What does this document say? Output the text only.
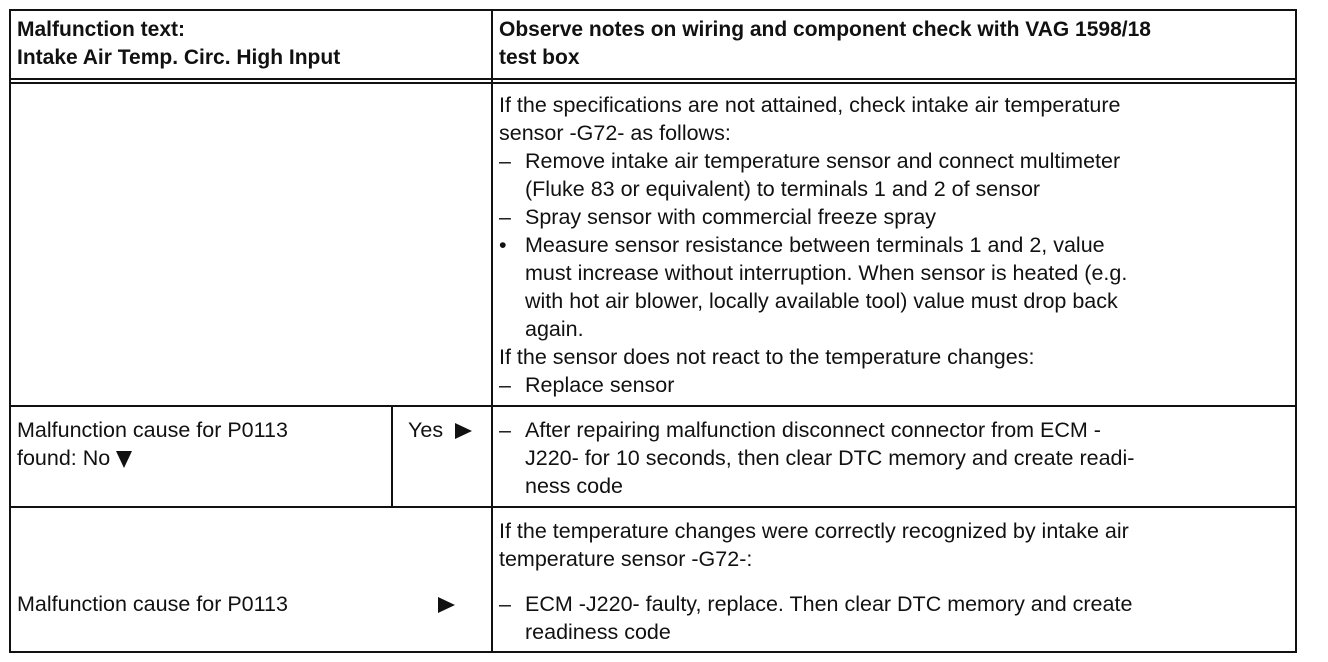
Malfunction text:
Intake Air Temp. Circ. High Input
Observe notes on wiring and component check with VAG 1598/18
test box
If the specifications are not attained, check intake air temperature
sensor -G72- as follows:
– Remove intake air temperature sensor and connect multimeter
(Fluke 83 or equivalent) to terminals 1 and 2 of sensor
– Spray sensor with commercial freeze spray
• Measure sensor resistance between terminals 1 and 2, value
must increase without interruption. When sensor is heated (e.g.
with hot air blower, locally available tool) value must drop back
again.
If the sensor does not react to the temperature changes:
– Replace sensor
Malfunction cause for P0113
found: No
Yes	– After repairing malfunction disconnect connector from ECM -
J220- for 10 seconds, then clear DTC memory and create readi-
ness code
Malfunction cause for P0113
If the temperature changes were correctly recognized by intake air
temperature sensor -G72-:
– ECM -J220- faulty, replace. Then clear DTC memory and create
readiness code
